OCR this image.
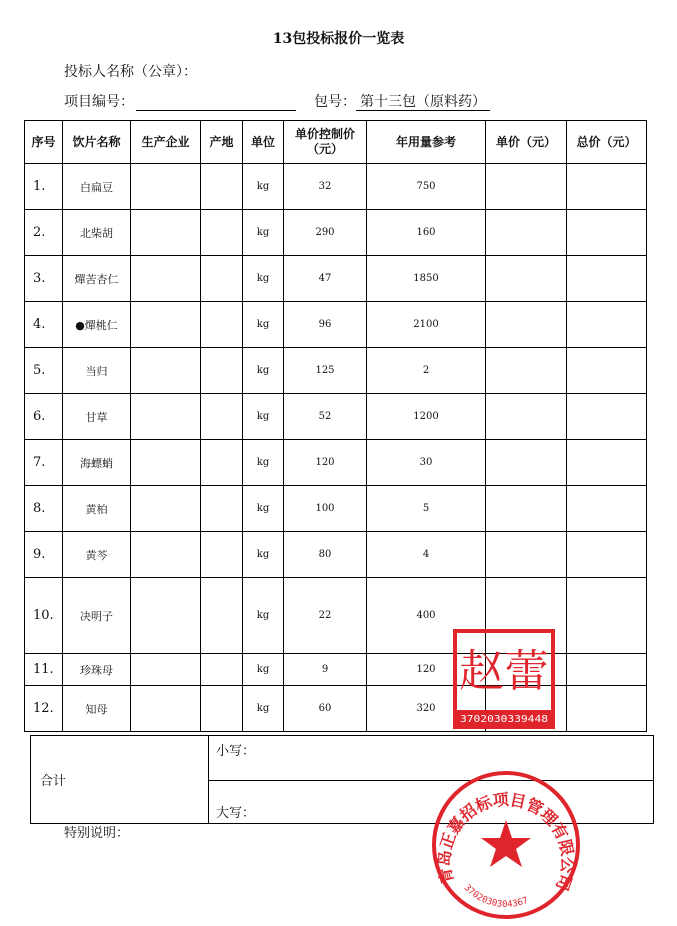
13包投标报价一览表
投标人名称（公章）：
项目编号：	包号： 第十三包（原料药）
序号	饮片名称	生产企业	产地	单位	单价控制价（元）	年用量参考	单价（元）	总价（元）
1.	白扁豆			kg	32	750		
2.	北柴胡			kg	290	160		
3.	燀苦杏仁			kg	47	1850		
4.	●燀桃仁			kg	96	2100		
5.	当归			kg	125	2		
6.	甘草			kg	52	1200		
7.	海螵蛸			kg	120	30		
8.	黄柏			kg	100	5		
9.	黄芩			kg	80	4		
10.	决明子			kg	22	400		
11.	珍珠母			kg	9	120		
12.	知母			kg	60	320		
合计	小写：
大写：
特别说明：
赵蕾
3702030339448
青岛正嘉招标项目管理有限公司
3702030304367
